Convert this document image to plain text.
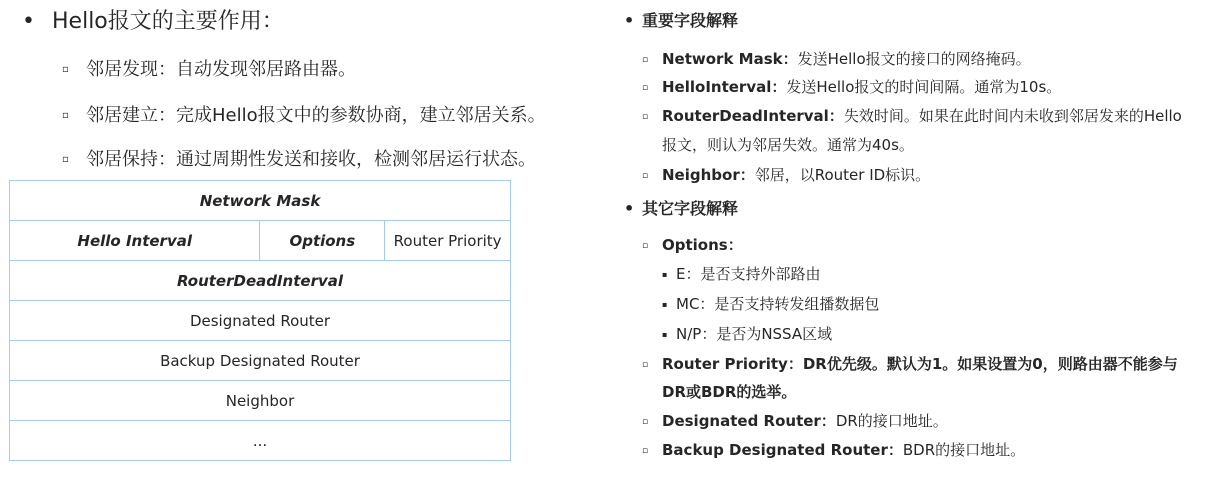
• Hello报文的主要作用：
▫ 邻居发现：自动发现邻居路由器。
▫ 邻居建立：完成Hello报文中的参数协商，建立邻居关系。
▫ 邻居保持：通过周期性发送和接收，检测邻居运行状态。
Network Mask
Hello Interval	Options	Router Priority
RouterDeadInterval
Designated Router
Backup Designated Router
Neighbor
...
• 重要字段解释
▫ Network Mask：发送Hello报文的接口的网络掩码。
▫ HelloInterval：发送Hello报文的时间间隔。通常为10s。
▫ RouterDeadInterval：失效时间。如果在此时间内未收到邻居发来的Hello
报文，则认为邻居失效。通常为40s。
▫ Neighbor：邻居，以Router ID标识。
• 其它字段解释
▫ Options：
▪ E：是否支持外部路由
▪ MC：是否支持转发组播数据包
▪ N/P：是否为NSSA区域
▫ Router Priority：DR优先级。默认为1。如果设置为0，则路由器不能参与
DR或BDR的选举。
▫ Designated Router：DR的接口地址。
▫ Backup Designated Router：BDR的接口地址。
